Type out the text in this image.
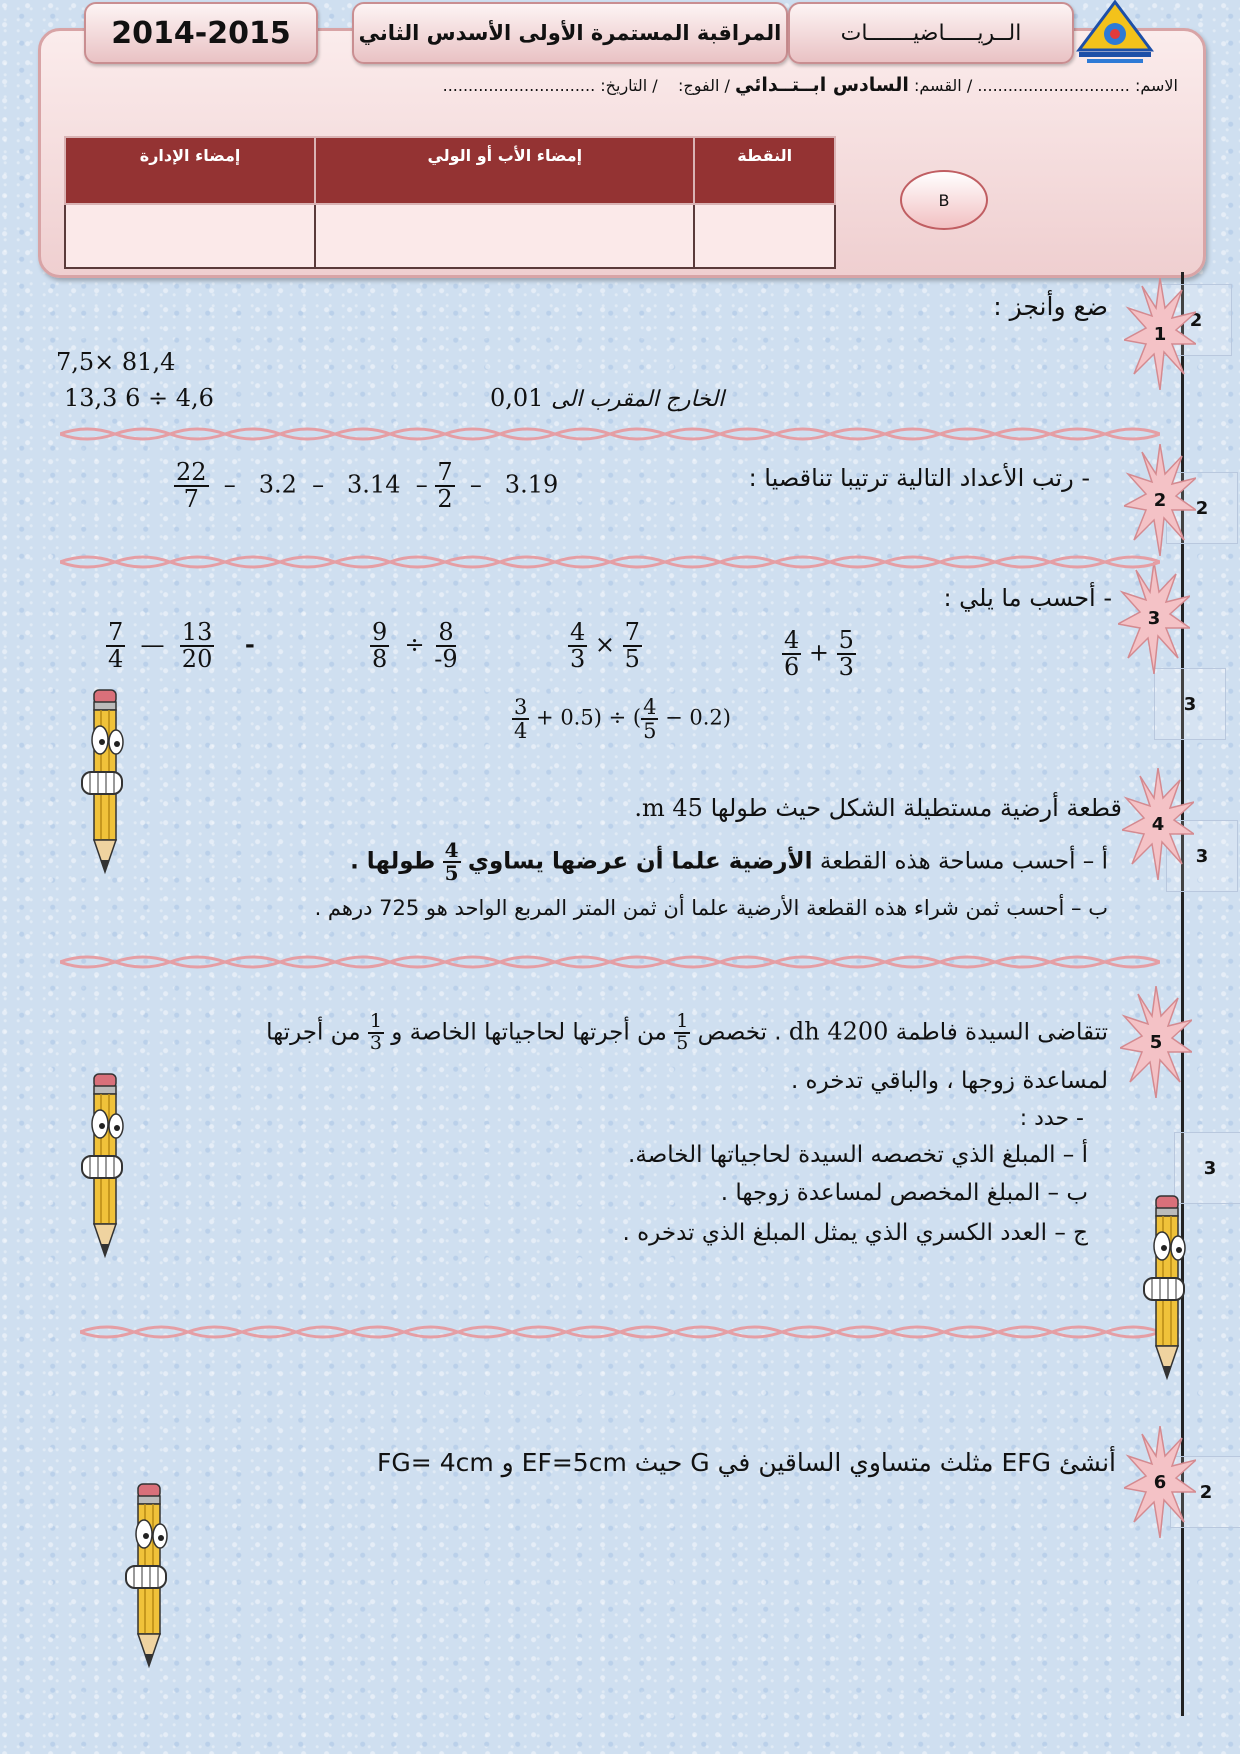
2014-2015	المراقبة المستمرة الأولى الأسدس الثاني	الــريـــــاضيـــــــات
الاسم: .............................. / القسم: السادس ابــتــدائي / الفوج:    / التاريخ: ..............................
النقطة	إمضاء الأب أو الولي	إمضاء الإدارة

B
2
2
3
3
3
2
1
2
3
4
5
6
ضع وأنجز :
7,5× 81,4
13,3 6 ÷ 4,6	0,01 الخارج المقرب الى
- رتب الأعداد التالية ترتيبا تناقصيا :
$\frac{22}{7} - 3.2 - 3.14 - \frac{7}{2} - 3.19$
- أحسب ما يلي :
$\frac{7}{4}$ — $\frac{13}{20}$ -	$\frac{9}{8} \div \frac{8}{-9}$	$\frac{4}{3} \times \frac{7}{5}$	$\frac{4}{6} + \frac{5}{3}$
$\frac{3}{4} + 0.5$) ÷ ( $\frac{4}{5} - 0.2$)
قطعة أرضية مستطيلة الشكل حيث طولها 45 m.
أ – أحسب مساحة هذه القطعة الأرضية علما أن عرضها يساوي
$\frac{4}{5}$
طولها .
ب – أحسب ثمن شراء هذه القطعة الأرضية علما أن ثمن المتر المربع الواحد هو 725 درهم .
تتقاضى السيدة فاطمة 4200 dh . تخصص
$\frac{1}{5}$
من أجرتها لحاجياتها الخاصة و
$\frac{1}{3}$
من أجرتها
لمساعدة زوجها ، والباقي تدخره .
- حدد :
أ – المبلغ الذي تخصصه السيدة لحاجياتها الخاصة.
ب – المبلغ المخصص لمساعدة زوجها .
ج – العدد الكسري الذي يمثل المبلغ الذي تدخره .
أنشئ EFG مثلث متساوي الساقين في G حيث EF=5cm و FG= 4cm
